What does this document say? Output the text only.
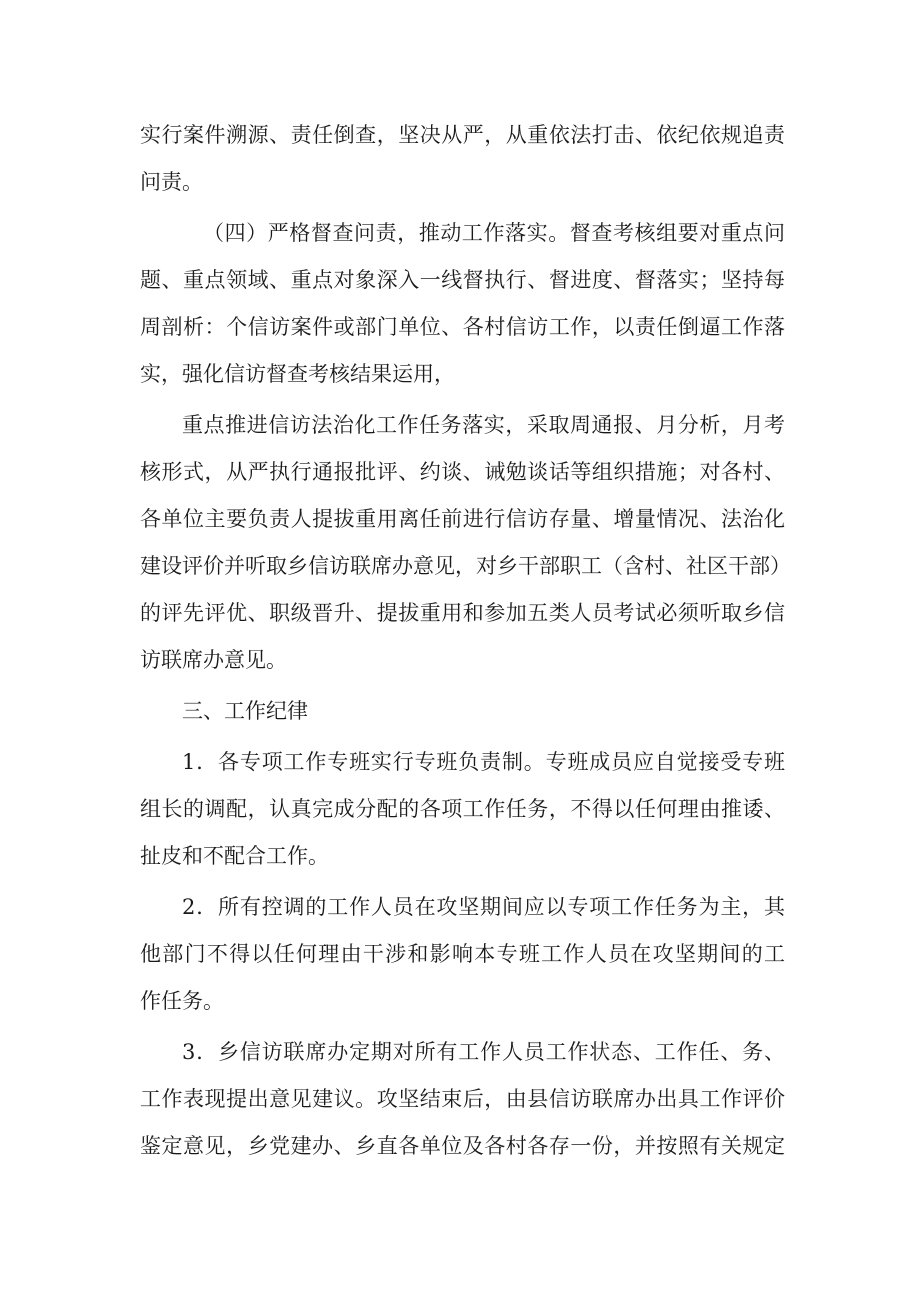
实行案件溯源、责任倒查，坚决从严，从重依法打击、依纪依规追责
问责。
（四）严格督查问责，推动工作落实。督查考核组要对重点问
题、重点领域、重点对象深入一线督执行、督进度、督落实；坚持每
周剖析：个信访案件或部门单位、各村信访工作，以责任倒逼工作落
实，强化信访督查考核结果运用，
重点推进信访法治化工作任务落实，采取周通报、月分析，月考
核形式，从严执行通报批评、约谈、诫勉谈话等组织措施；对各村、
各单位主要负责人提拔重用离任前进行信访存量、增量情况、法治化
建设评价并听取乡信访联席办意见，对乡干部职工（含村、社区干部）
的评先评优、职级晋升、提拔重用和参加五类人员考试必须听取乡信
访联席办意见。
三、工作纪律
1．各专项工作专班实行专班负责制。专班成员应自觉接受专班
组长的调配，认真完成分配的各项工作任务，不得以任何理由推诿、
扯皮和不配合工作。
2．所有控调的工作人员在攻坚期间应以专项工作任务为主，其
他部门不得以任何理由干涉和影响本专班工作人员在攻坚期间的工
作任务。
3．乡信访联席办定期对所有工作人员工作状态、工作任、务、
工作表现提出意见建议。攻坚结束后，由县信访联席办出具工作评价
鉴定意见，乡党建办、乡直各单位及各村各存一份，并按照有关规定
